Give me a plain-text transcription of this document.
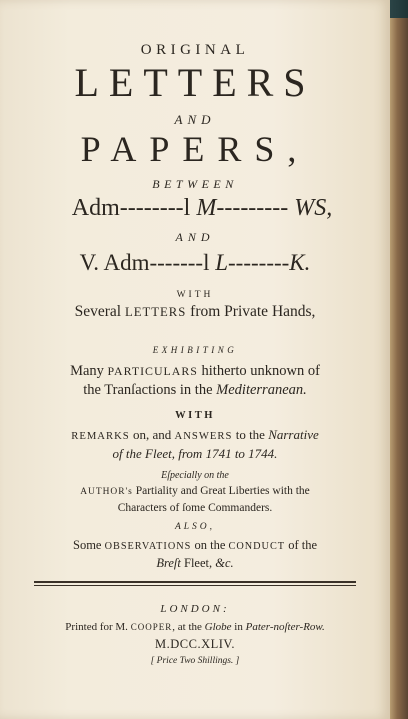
ORIGINAL
LETTERS
AND
PAPERS,
BETWEEN
Adm--------l M--------- WS,
AND
V. Adm-------l L--------K.
WITH
Several LETTERS from Private Hands,
EXHIBITING
Many PARTICULARS hitherto unknown of
the Tranſactions in the Mediterranean.
WITH
REMARKS on, and ANSWERS to the Narrative
of the Fleet, from 1741 to 1744.
Eſpecially on the
AUTHOR's Partiality and Great Liberties with the
Characters of ſome Commanders.
ALSO,
Some OBSERVATIONS on the CONDUCT of the
Breſt Fleet, &c.
LONDON:
Printed for M. COOPER, at the Globe in Pater-noſter-Row.
M.DCC.XLIV.
[ Price Two Shillings. ]
